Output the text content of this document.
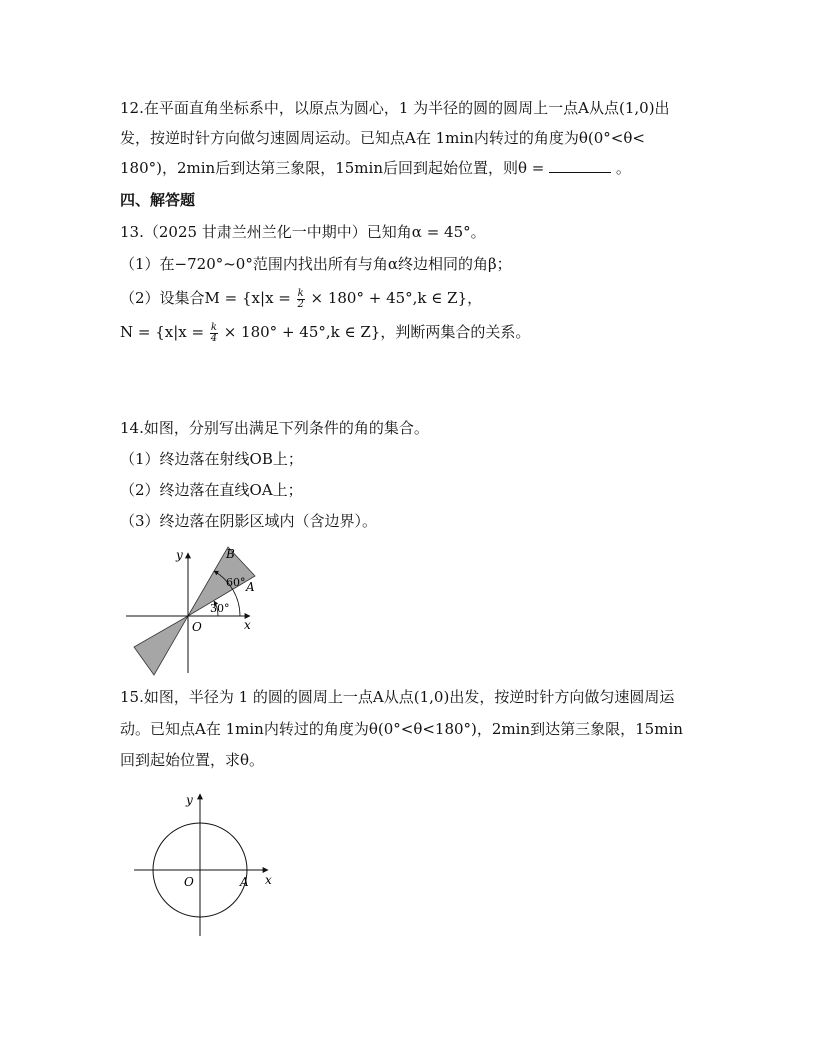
12.在平面直角坐标系中，以原点为圆心，1 为半径的圆的圆周上一点A从点(1,0)出
发，按逆时针方向做匀速圆周运动。已知点A在 1min内转过的角度为θ(0°<θ<
180°)，2min后到达第三象限，15min后回到起始位置，则θ =	。
四、解答题
13.（2025 甘肃兰州兰化一中期中）已知角α = 45°。
（1）在−720°~0°范围内找出所有与角α终边相同的角β；
（2）设集合$M = \{x|x = \frac{k}{2} \times 180^\circ + 45^\circ,k$ ∈ Z}，
$N = \{x|x = \frac{k}{4} \times 180^\circ + 45^\circ,k$ ∈ Z}，判断两集合的关系。
14.如图，分别写出满足下列条件的角的集合。
（1）终边落在射线OB上；
（2）终边落在直线OA上；
（3）终边落在阴影区域内（含边界）。
y
x
O
B
A
60°
30°
15.如图，半径为 1 的圆的圆周上一点A从点(1,0)出发，按逆时针方向做匀速圆周运
动。已知点A在 1min内转过的角度为θ(0°<θ<180°)，2min到达第三象限，15min
回到起始位置，求θ。
y
x
O	A
